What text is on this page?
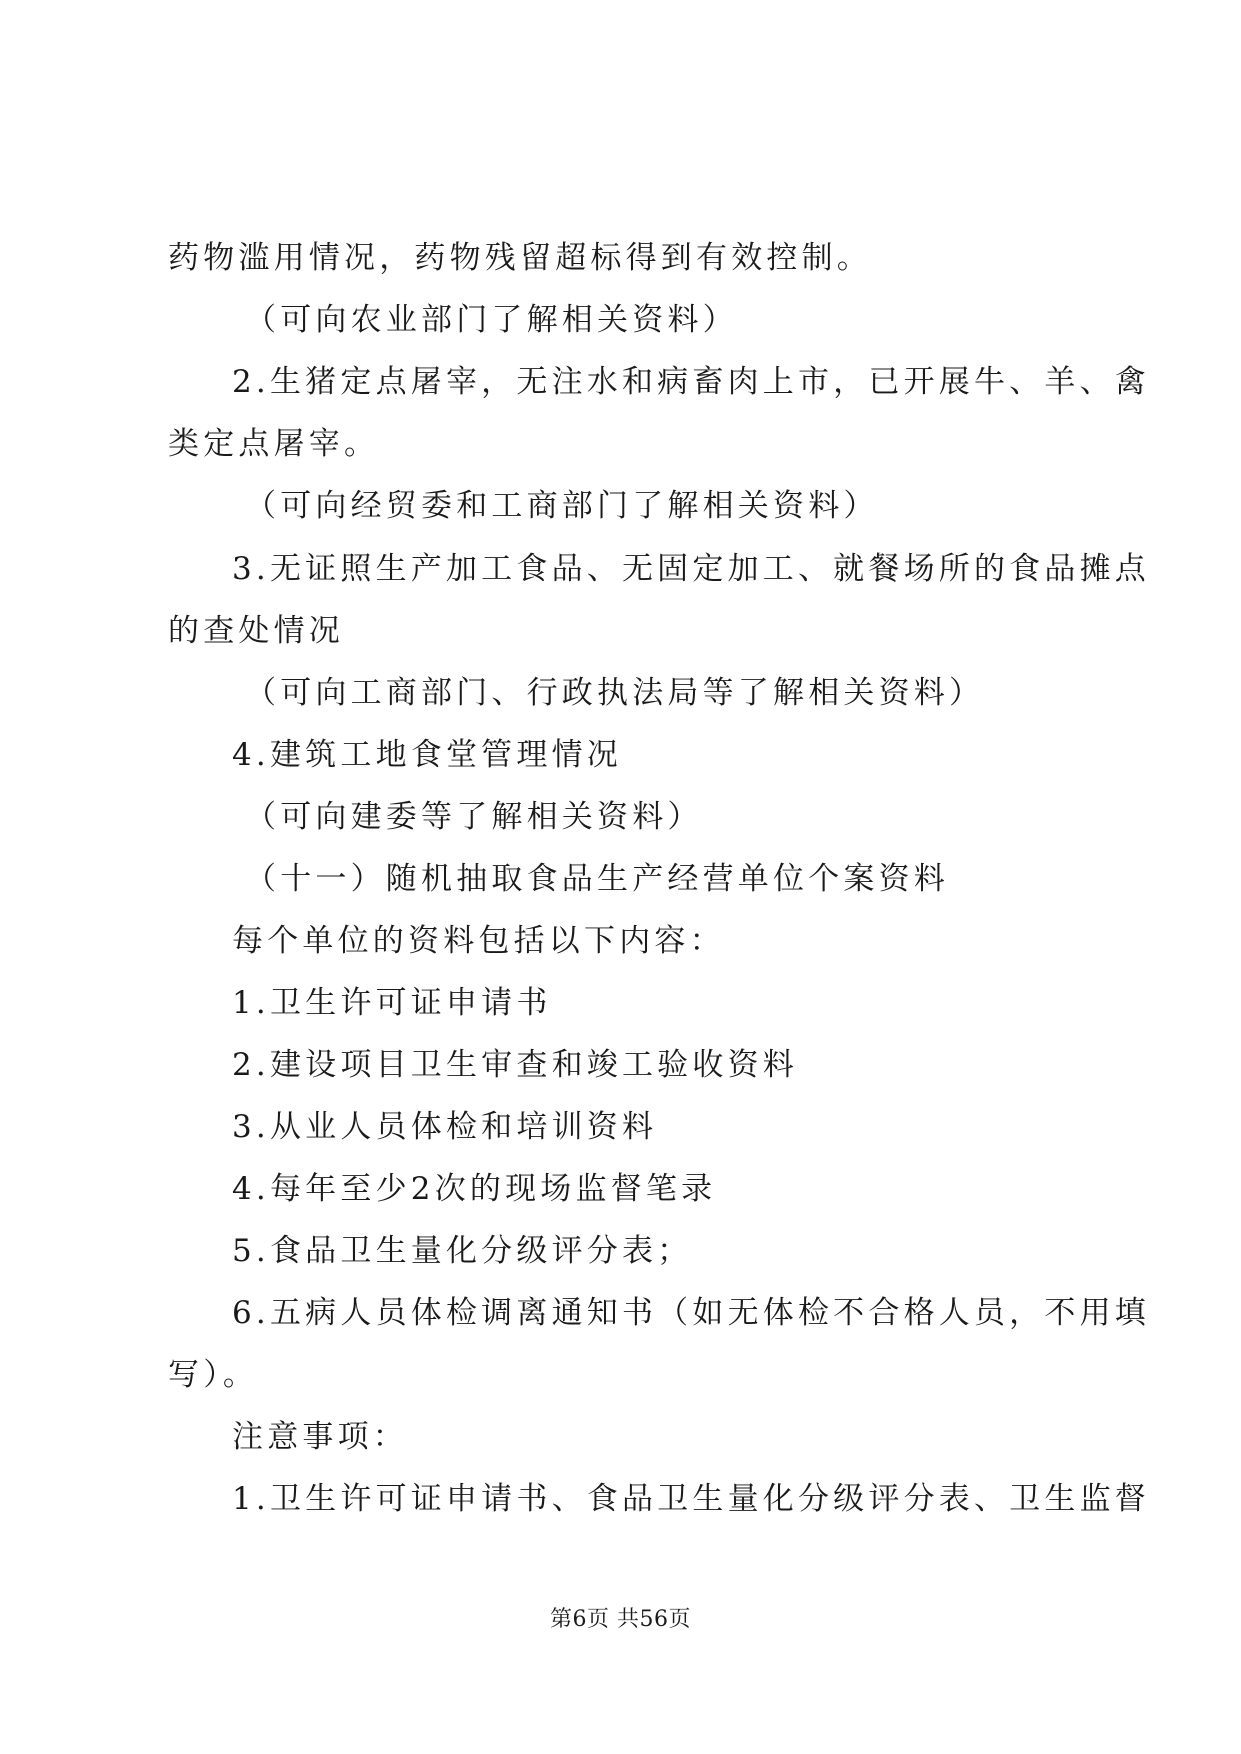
药物滥用情况，药物残留超标得到有效控制。
（可向农业部门了解相关资料）
2.生猪定点屠宰，无注水和病畜肉上市，已开展牛、羊、禽
类定点屠宰。
（可向经贸委和工商部门了解相关资料）
3.无证照生产加工食品、无固定加工、就餐场所的食品摊点
的查处情况
（可向工商部门、行政执法局等了解相关资料）
4.建筑工地食堂管理情况
（可向建委等了解相关资料）
（十一）随机抽取食品生产经营单位个案资料
每个单位的资料包括以下内容：
1.卫生许可证申请书
2.建设项目卫生审查和竣工验收资料
3.从业人员体检和培训资料
4.每年至少2次的现场监督笔录
5.食品卫生量化分级评分表；
6.五病人员体检调离通知书（如无体检不合格人员，不用填
写）。
注意事项：
1.卫生许可证申请书、食品卫生量化分级评分表、卫生监督
第6页 共56页
